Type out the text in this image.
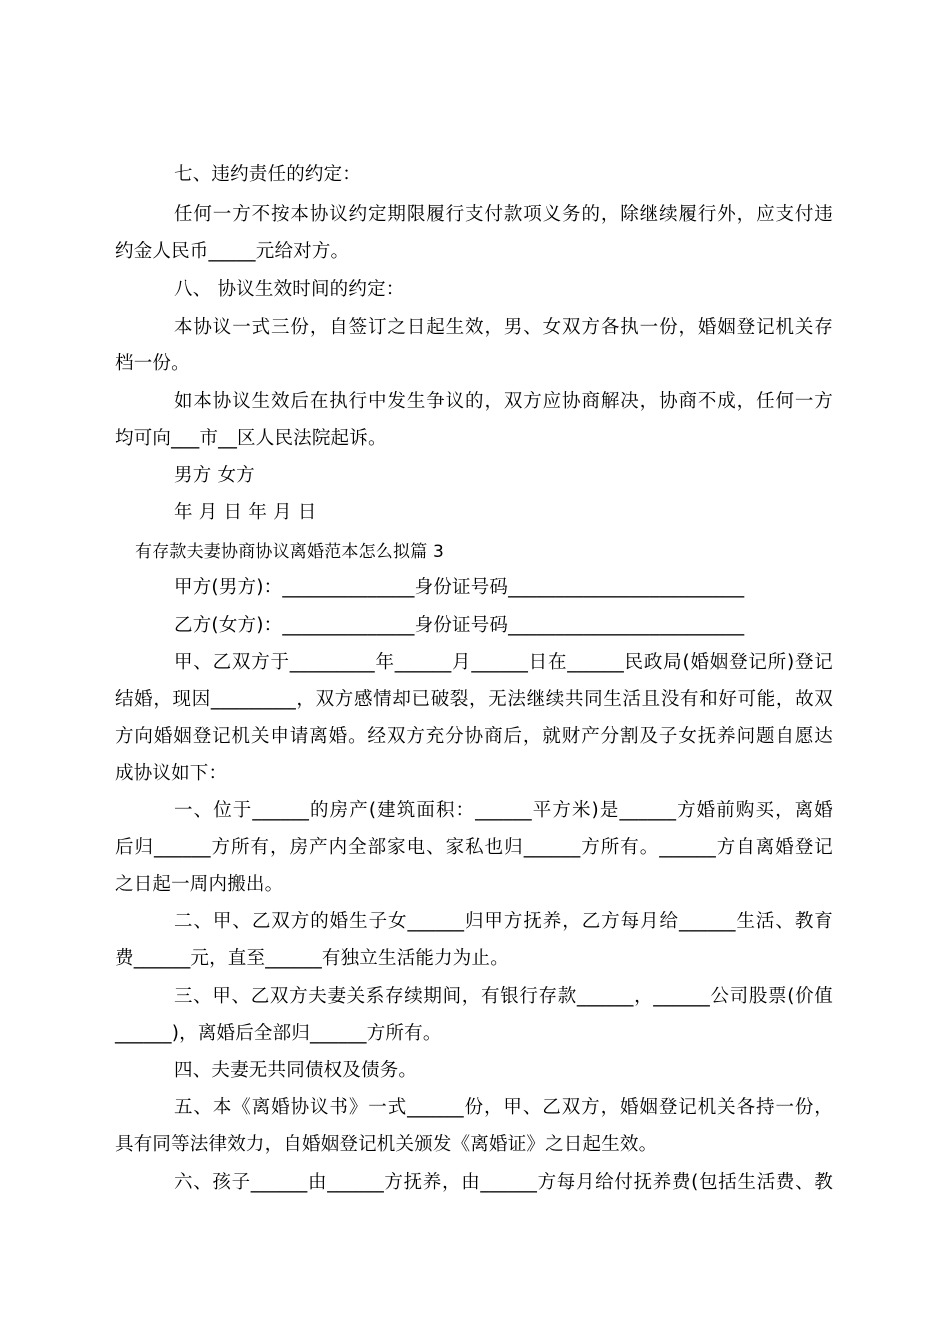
七、违约责任的约定：
任何一方不按本协议约定期限履行支付款项义务的，除继续履行外，应支付违
约金人民币_____元给对方。
八、 协议生效时间的约定：
本协议一式三份，自签订之日起生效，男、女双方各执一份，婚姻登记机关存
档一份。
如本协议生效后在执行中发生争议的，双方应协商解决，协商不成，任何一方
均可向___市__区人民法院起诉。
男方 女方
年 月 日 年 月 日
有存款夫妻协商协议离婚范本怎么拟篇 3
甲方(男方)：______________身份证号码_________________________
乙方(女方)：______________身份证号码_________________________
甲、乙双方于_________年______月______日在______民政局(婚姻登记所)登记
结婚，现因_________，双方感情却已破裂，无法继续共同生活且没有和好可能，故双
方向婚姻登记机关申请离婚。经双方充分协商后，就财产分割及子女抚养问题自愿达
成协议如下：
一、位于______的房产(建筑面积：______平方米)是______方婚前购买，离婚
后归______方所有，房产内全部家电、家私也归______方所有。______方自离婚登记
之日起一周内搬出。
二、甲、乙双方的婚生子女______归甲方抚养，乙方每月给______生活、教育
费______元，直至______有独立生活能力为止。
三、甲、乙双方夫妻关系存续期间，有银行存款______，______公司股票(价值
______)，离婚后全部归______方所有。
四、夫妻无共同债权及债务。
五、本《离婚协议书》一式______份，甲、乙双方，婚姻登记机关各持一份，
具有同等法律效力，自婚姻登记机关颁发《离婚证》之日起生效。
六、孩子______由______方抚养，由______方每月给付抚养费(包括生活费、教
